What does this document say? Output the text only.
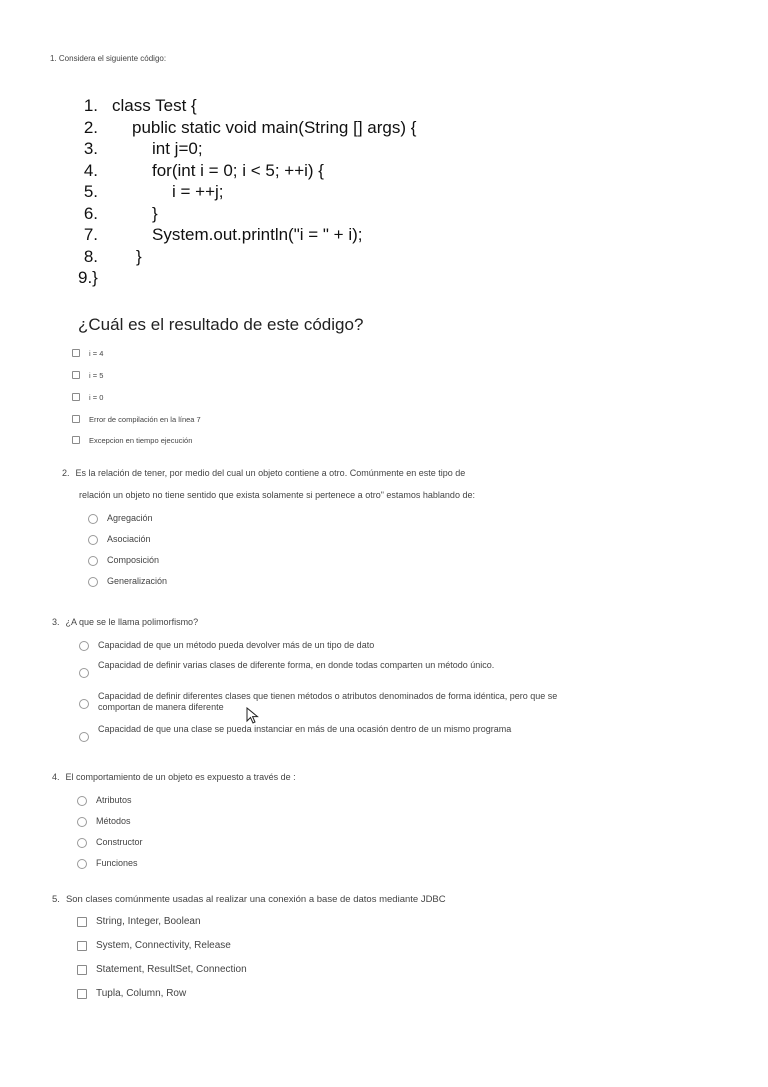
1. Considera el siguiente código:
1. class Test {
2. public static void main(String [] args) {
3.	int j=0;
4.	for(int i = 0; i < 5; ++i) {
5.	i = ++j;
6.	}
7.	System.out.println("i = " + i);
8. }
9.}
¿Cuál es el resultado de este código?
i = 4
i = 5
i = 0
Error de compilación en la línea 7
Excepcion en tiempo ejecución
2. Es la relación de tener, por medio del cual un objeto contiene a otro. Comúnmente en este tipo de
relación un objeto no tiene sentido que exista solamente si pertenece a otro" estamos hablando de:
Agregación
Asociación
Composición
Generalización
3. ¿A que se le llama polimorfismo?
Capacidad de que un método pueda devolver más de un tipo de dato
Capacidad de definir varias clases de diferente forma, en donde todas comparten un método único.
Capacidad de definir diferentes clases que tienen métodos o atributos denominados de forma idéntica, pero que se comportan de manera diferente
Capacidad de que una clase se pueda instanciar en más de una ocasión dentro de un mismo programa
4. El comportamiento de un objeto es expuesto a través de :
Atributos
Métodos
Constructor
Funciones
5. Son clases comúnmente usadas al realizar una conexión a base de datos mediante JDBC
String, Integer, Boolean
System, Connectivity, Release
Statement, ResultSet, Connection
Tupla, Column, Row
